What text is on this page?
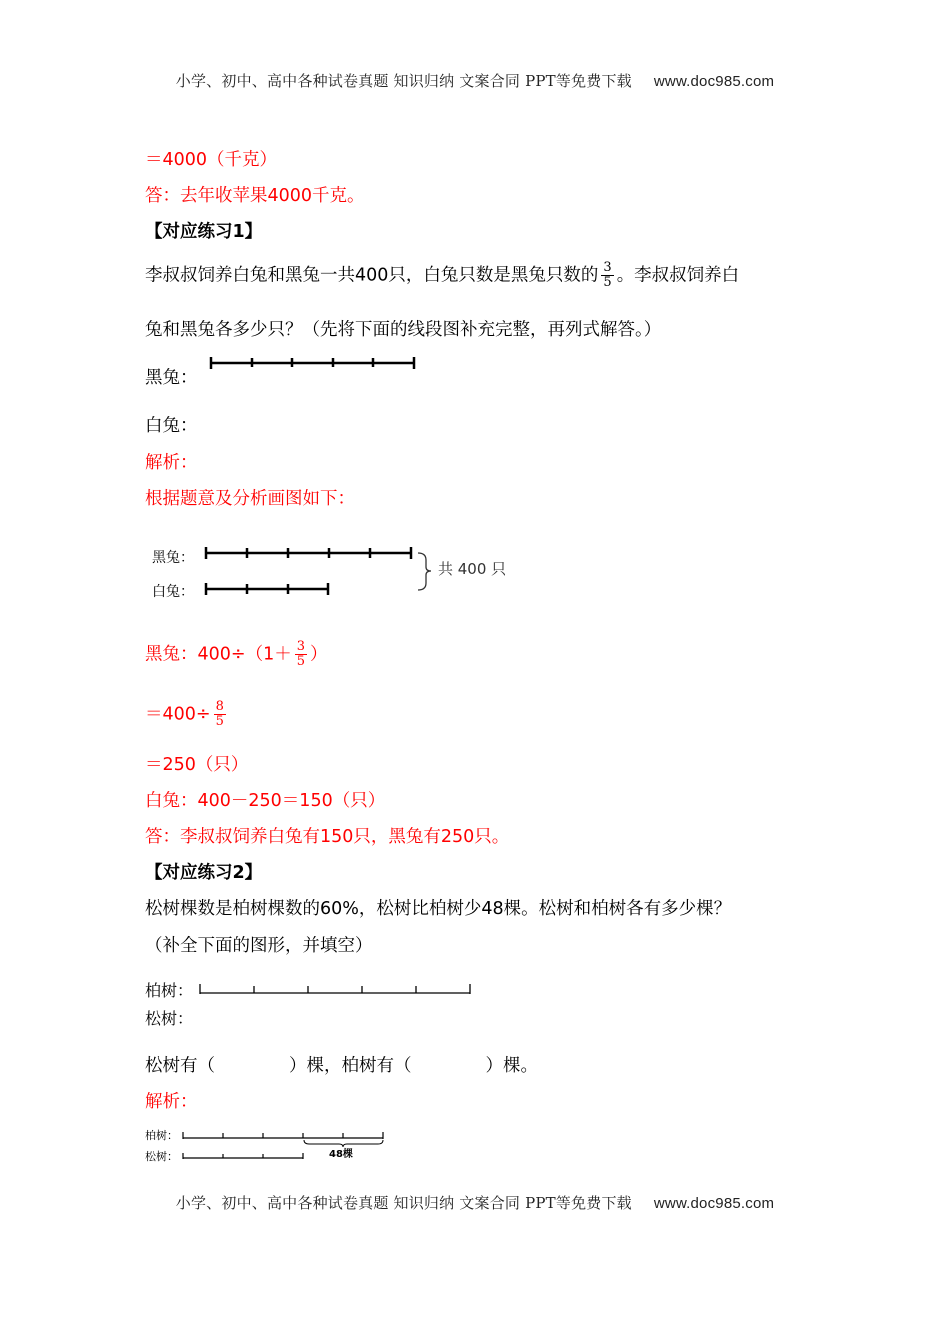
小学、初中、高中各种试卷真题 知识归纳 文案合同 PPT等免费下载 www.doc985.com
＝4000（千克）
答：去年收苹果4000千克。
【对应练习1】
李叔叔饲养白兔和黑兔一共400只，白兔只数是黑兔只数的 $\frac{3}{5}$ 。李叔叔饲养白
兔和黑兔各多少只？（先将下面的线段图补充完整，再列式解答。）
黑兔：
白兔：
解析：
根据题意及分析画图如下：
黑兔：
白兔：
共 400 只
黑兔：$400\div(1+ \frac{3}{5}$ ）
$=400\div \frac{8}{5}$
＝250（只）
白兔：400－250＝150（只）
答：李叔叔饲养白兔有150只，黑兔有250只。
【对应练习2】
松树棵数是柏树棵数的60%，松树比柏树少48棵。松树和柏树各有多少棵？
（补全下面的图形，并填空）
柏树：
松树：
松树有（	）棵，柏树有（	）棵。
解析：
柏树：
松树：	48棵
小学、初中、高中各种试卷真题 知识归纳 文案合同 PPT等免费下载 www.doc985.com
